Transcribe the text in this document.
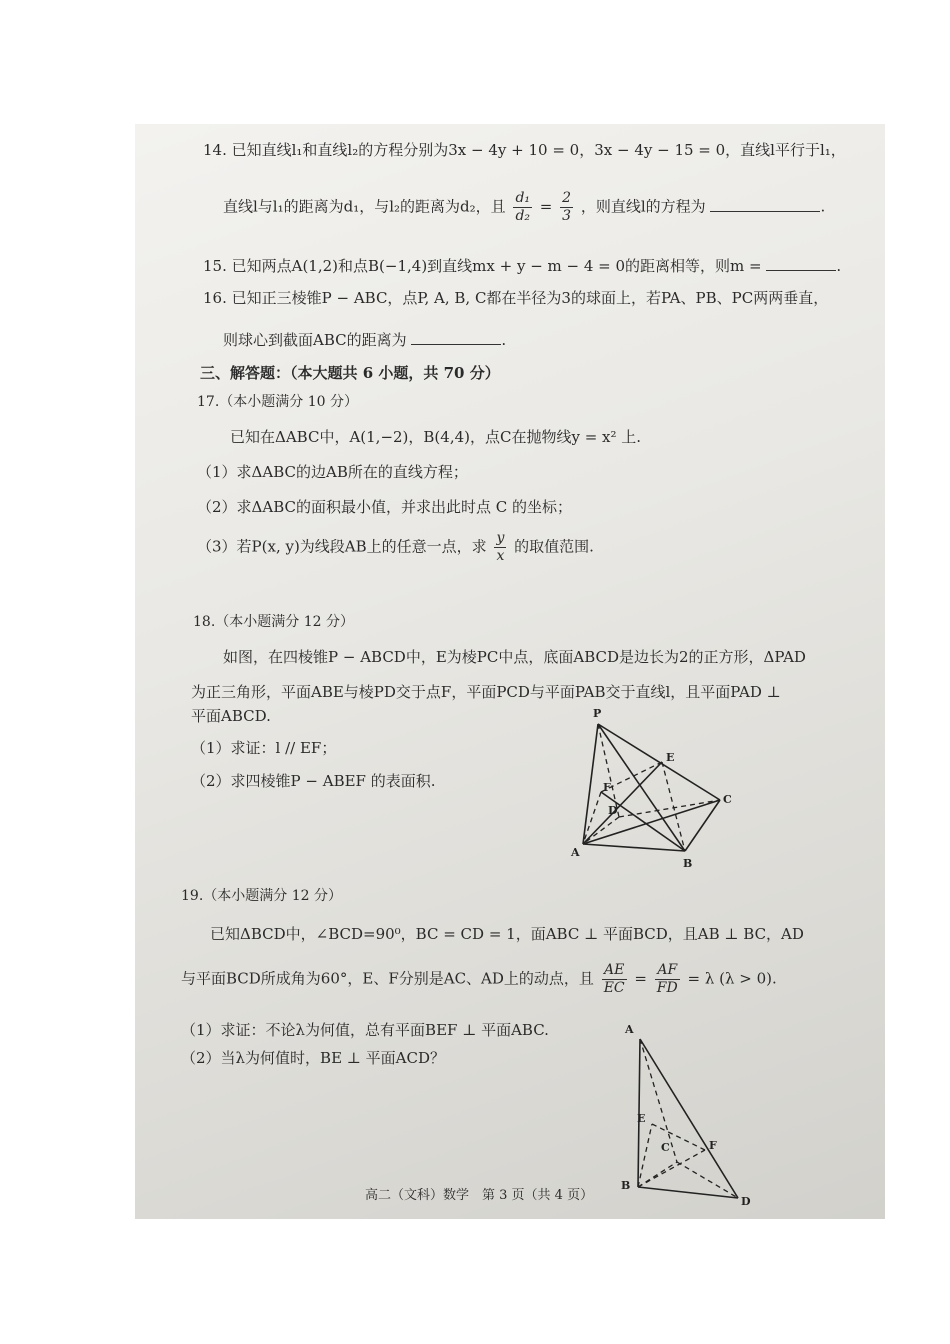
14. 已知直线l₁和直线l₂的方程分别为3x − 4y + 10 = 0，3x − 4y − 15 = 0，直线l平行于l₁，
直线l与l₁的距离为d₁，与l₂的距离为d₂，且 $\frac{\text{d₁}}{\text{d₂}} = \frac{2}{3}$ ，则直线l的方程为	.
15. 已知两点A(1,2)和点B(−1,4)到直线mx + y − m − 4 = 0的距离相等，则m =	.
16. 已知正三棱锥P − ABC，点P, A, B, C都在半径为3的球面上，若PA、PB、PC两两垂直，
则球心到截面ABC的距离为	.
三、解答题：（本大题共 6 小题，共 70 分）
17.（本小题满分 10 分）
已知在ΔABC中，A(1,−2)，B(4,4)，点C在抛物线y = x² 上.
（1）求ΔABC的边AB所在的直线方程；
（2）求ΔABC的面积最小值，并求出此时点 C 的坐标；
（3）若P(x, y)为线段AB上的任意一点，求 $\frac{y}{x}$ 的取值范围.
18.（本小题满分 12 分）
如图，在四棱锥P − ABCD中，E为棱PC中点，底面ABCD是边长为2的正方形，ΔPAD
为正三角形，平面ABE与棱PD交于点F，平面PCD与平面PAB交于直线l，且平面PAD ⊥
平面ABCD.
（1）求证：l // EF；
（2）求四棱锥P − ABEF 的表面积.
P
E
F
D
C
A
B
19.（本小题满分 12 分）
已知ΔBCD中，∠BCD=90⁰，BC = CD = 1，面ABC ⊥ 平面BCD，且AB ⊥ BC，AD
与平面BCD所成角为60°，E、F分别是AC、AD上的动点，且 $\frac{AE}{EC} = \frac{AF}{FD} = \lambda$ (λ > 0).
（1）求证：不论λ为何值，总有平面BEF ⊥ 平面ABC.
（2）当λ为何值时，BE ⊥ 平面ACD？
A
E
C	F
B
D
高二（文科）数学　第 3 页（共 4 页）
